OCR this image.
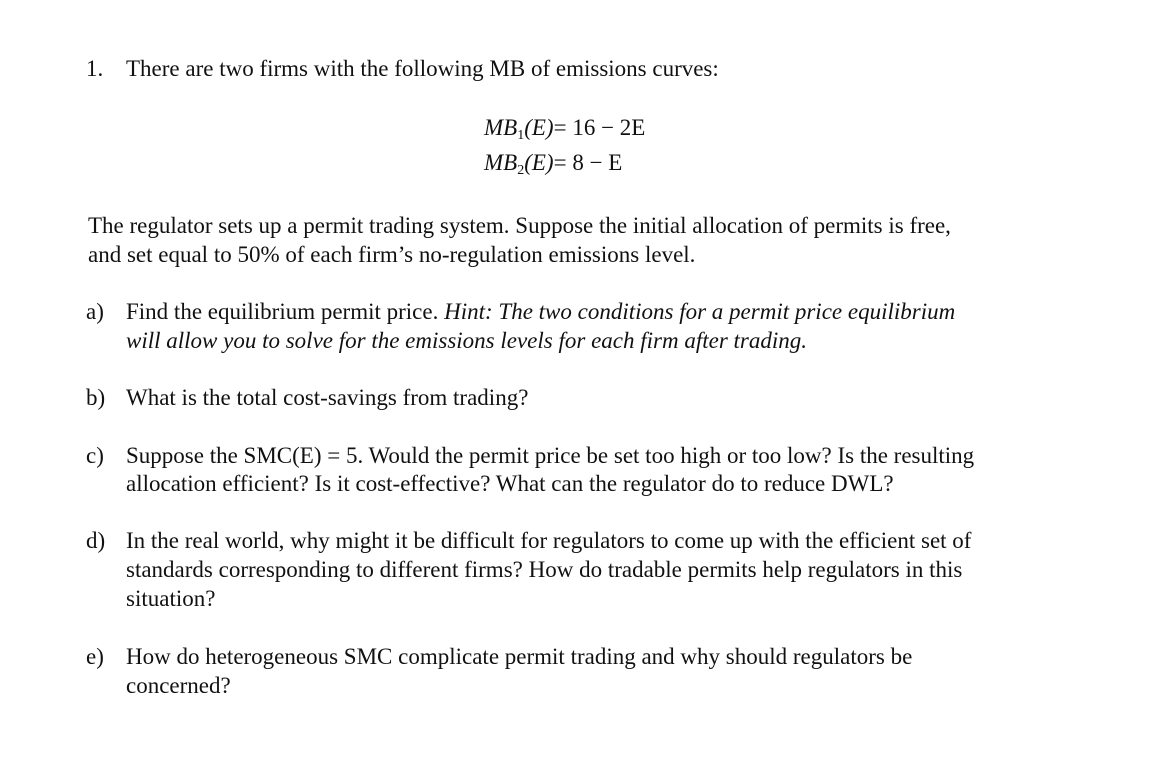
1. There are two firms with the following MB of emissions curves:
$MB_1(E)= 16 - 2E$
$MB_2(E)= 8 - E$
The regulator sets up a permit trading system. Suppose the initial allocation of permits is free,
and set equal to 50% of each firm’s no-regulation emissions level.
a) Find the equilibrium permit price. Hint: The two conditions for a permit price equilibrium
will allow you to solve for the emissions levels for each firm after trading.
b) What is the total cost-savings from trading?
c) Suppose the SMC(E) = 5. Would the permit price be set too high or too low? Is the resulting
allocation efficient? Is it cost-effective? What can the regulator do to reduce DWL?
d) In the real world, why might it be difficult for regulators to come up with the efficient set of
standards corresponding to different firms? How do tradable permits help regulators in this
situation?
e) How do heterogeneous SMC complicate permit trading and why should regulators be
concerned?
